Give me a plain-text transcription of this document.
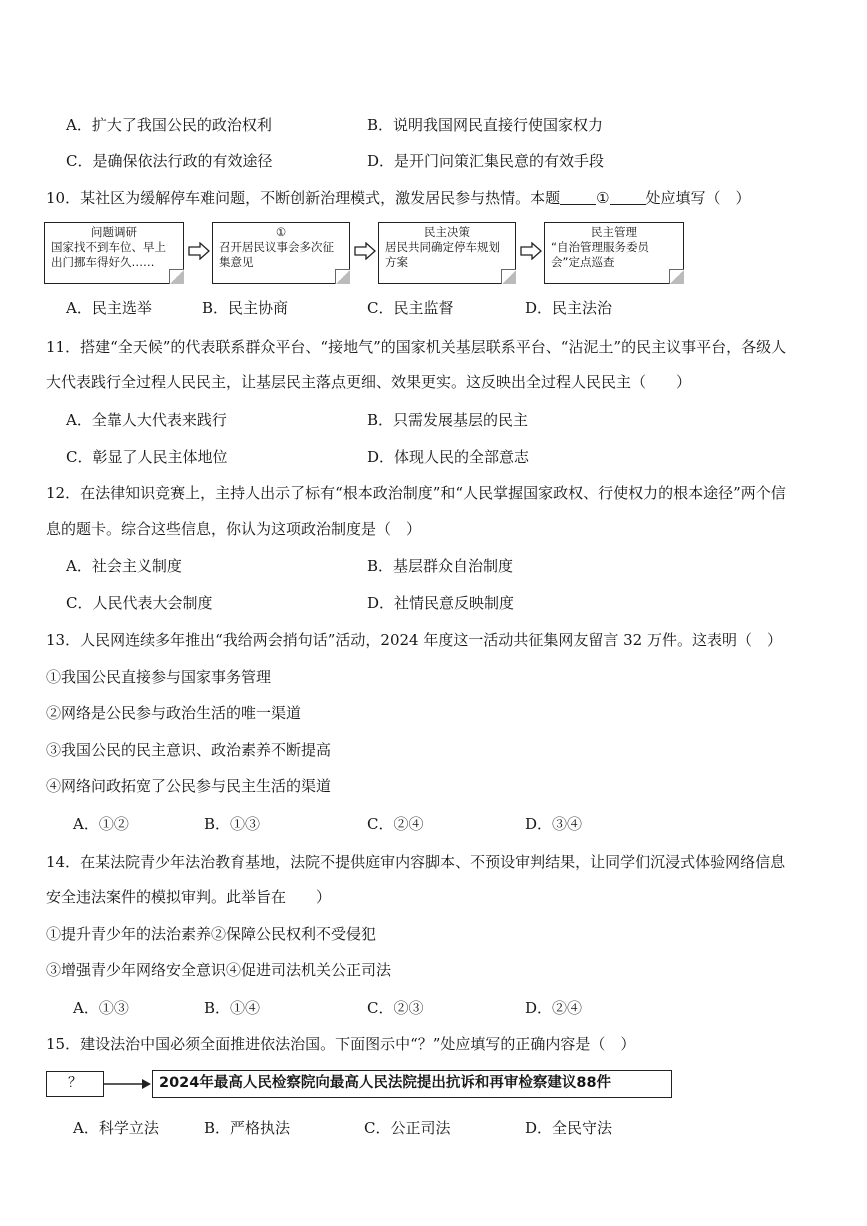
A．扩大了我国公民的政治权利	B．说明我国网民直接行使国家权力
C．是确保依法行政的有效途径	D．是开门问策汇集民意的有效手段
10．某社区为缓解停车难问题，不断创新治理模式，激发居民参与热情。本题 ① 处应填写（　）
问题调研
国家找不到车位、早上出门挪车得好久……
①
召开居民议事会多次征集意见
民主决策
居民共同确定停车规划方案
民主管理
“自治管理服务委员会”定点巡查
A．民主选举	B．民主协商	C．民主监督	D．民主法治
11．搭建“全天候”的代表联系群众平台、“接地气”的国家机关基层联系平台、“沾泥土”的民主议事平台，各级人
大代表践行全过程人民民主，让基层民主落点更细、效果更实。这反映出全过程人民民主（　　）
A．全靠人大代表来践行	B．只需发展基层的民主
C．彰显了人民主体地位	D．体现人民的全部意志
12．在法律知识竞赛上，主持人出示了标有“根本政治制度”和“人民掌握国家政权、行使权力的根本途径”两个信
息的题卡。综合这些信息，你认为这项政治制度是（　）
A．社会主义制度	B．基层群众自治制度
C．人民代表大会制度	D．社情民意反映制度
13．人民网连续多年推出“我给两会捎句话”活动，2024 年度这一活动共征集网友留言 32 万件。这表明（　）
①我国公民直接参与国家事务管理
②网络是公民参与政治生活的唯一渠道
③我国公民的民主意识、政治素养不断提高
④网络问政拓宽了公民参与民主生活的渠道
A．①②	B．①③	C．②④	D．③④
14．在某法院青少年法治教育基地，法院不提供庭审内容脚本、不预设审判结果，让同学们沉浸式体验网络信息
安全违法案件的模拟审判。此举旨在　　）
①提升青少年的法治素养②保障公民权利不受侵犯
③增强青少年网络安全意识④促进司法机关公正司法
A．①③	B．①④	C．②③	D．②④
15．建设法治中国必须全面推进依法治国。下面图示中“？”处应填写的正确内容是（　）
？	2024年最高人民检察院向最高人民法院提出抗诉和再审检察建议88件
A．科学立法	B．严格执法	C．公正司法	D．全民守法
